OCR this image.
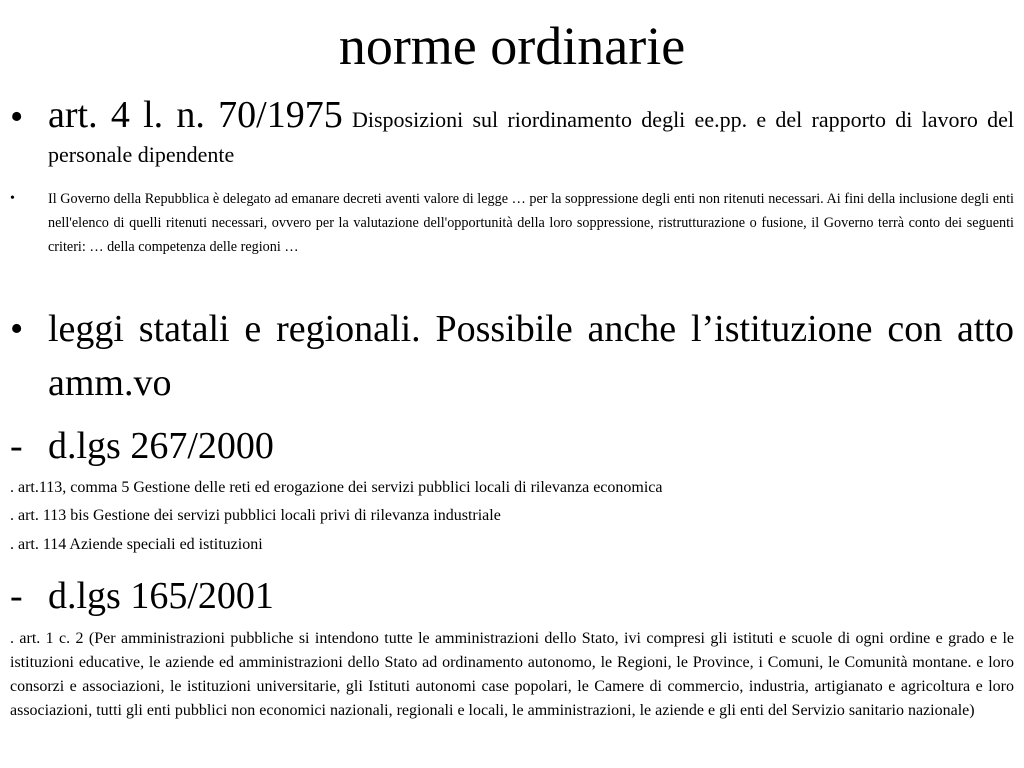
norme ordinarie
• art. 4 l. n. 70/1975 Disposizioni sul riordinamento degli ee.pp. e del rapporto di lavoro del personale dipendente
• Il Governo della Repubblica è delegato ad emanare decreti aventi valore di legge … per la soppressione degli enti non ritenuti necessari. Ai fini della inclusione degli enti nell'elenco di quelli ritenuti necessari, ovvero per la valutazione dell'opportunità della loro soppressione, ristrutturazione o fusione, il Governo terrà conto dei seguenti criteri: … della competenza delle regioni …
• leggi statali e regionali. Possibile anche l’istituzione con atto amm.vo
- d.lgs 267/2000
. art.113, comma 5 Gestione delle reti ed erogazione dei servizi pubblici locali di rilevanza economica
. art. 113 bis Gestione dei servizi pubblici locali privi di rilevanza industriale
. art. 114 Aziende speciali ed istituzioni
- d.lgs 165/2001
. art. 1 c. 2 (Per amministrazioni pubbliche si intendono tutte le amministrazioni dello Stato, ivi compresi gli istituti e scuole di ogni ordine e grado e le istituzioni educative, le aziende ed amministrazioni dello Stato ad ordinamento autonomo, le Regioni, le Province, i Comuni, le Comunità montane. e loro consorzi e associazioni, le istituzioni universitarie, gli Istituti autonomi case popolari, le Camere di commercio, industria, artigianato e agricoltura e loro associazioni, tutti gli enti pubblici non economici nazionali, regionali e locali, le amministrazioni, le aziende e gli enti del Servizio sanitario nazionale)
